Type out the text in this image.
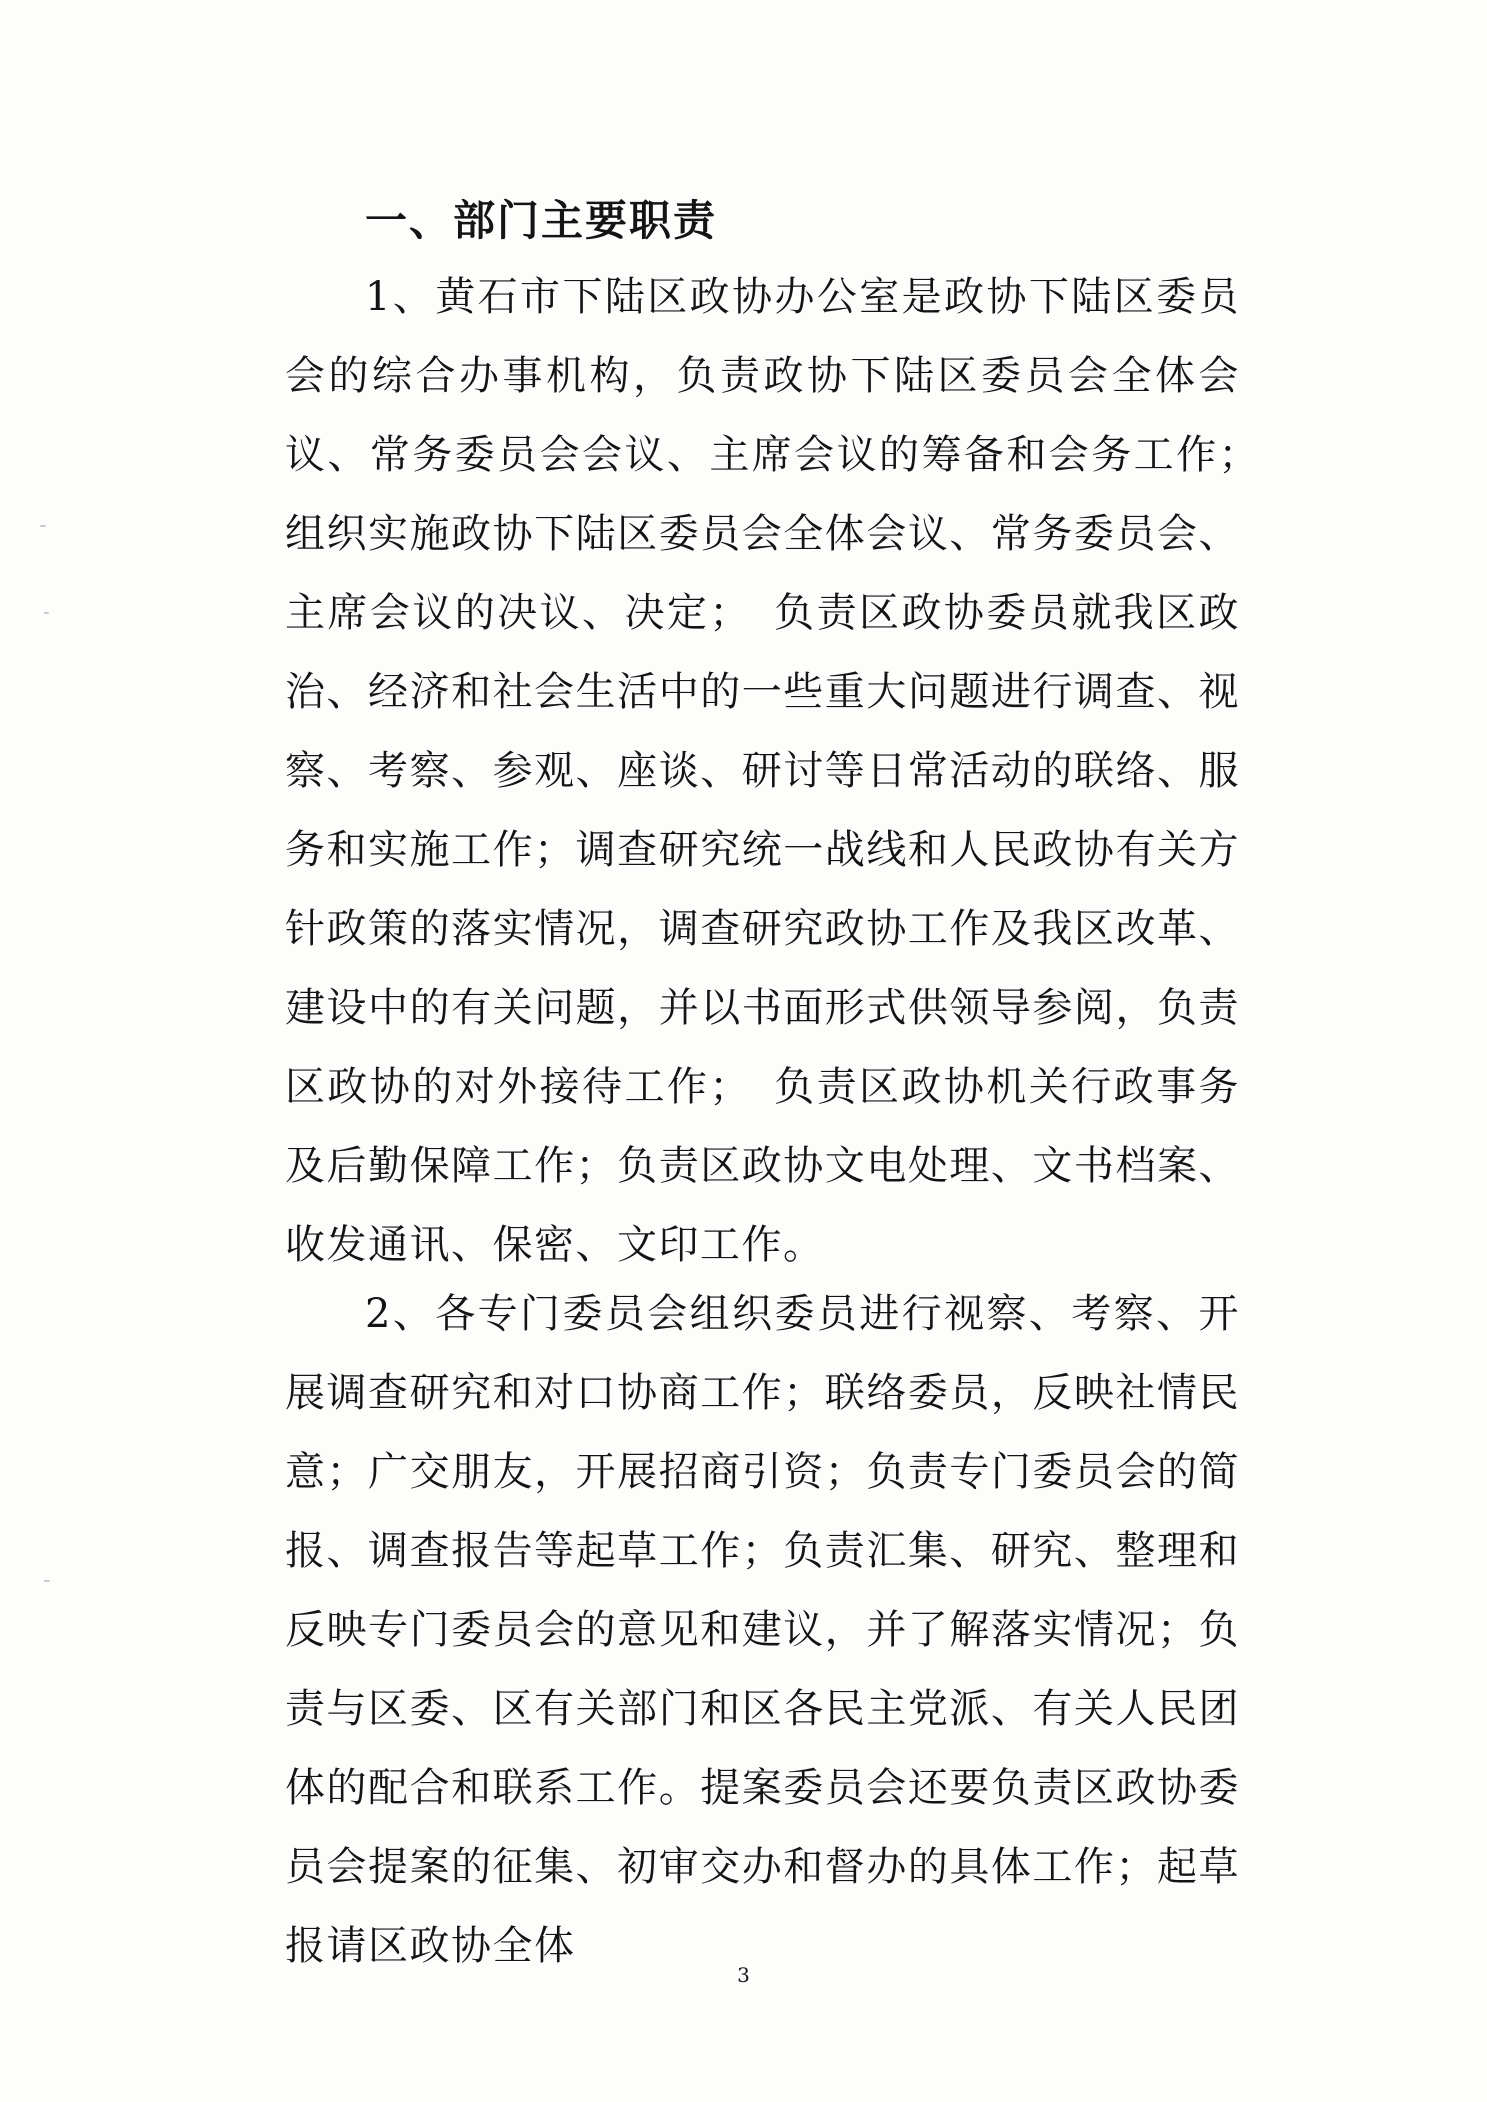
一、部门主要职责

1、黄石市下陆区政协办公室是政协下陆区委员会的综合办事机构，负责政协下陆区委员会全体会议、常务委员会会议、主席会议的筹备和会务工作；　组织实施政协下陆区委员会全体会议、常务委员会、主席会议的决议、决定；　负责区政协委员就我区政治、经济和社会生活中的一些重大问题进行调查、视察、考察、参观、座谈、研讨等日常活动的联络、服务和实施工作；调查研究统一战线和人民政协有关方针政策的落实情况，调查研究政协工作及我区改革、建设中的有关问题，并以书面形式供领导参阅，负责区政协的对外接待工作；　负责区政协机关行政事务及后勤保障工作；负责区政协文电处理、文书档案、收发通讯、保密、文印工作。

2、各专门委员会组织委员进行视察、考察、开展调查研究和对口协商工作；联络委员，反映社情民意；广交朋友，开展招商引资；负责专门委员会的简报、调查报告等起草工作；负责汇集、研究、整理和反映专门委员会的意见和建议，并了解落实情况；负责与区委、区有关部门和区各民主党派、有关人民团体的配合和联系工作。提案委员会还要负责区政协委员会提案的征集、初审交办和督办的具体工作；起草报请区政协全体

3
